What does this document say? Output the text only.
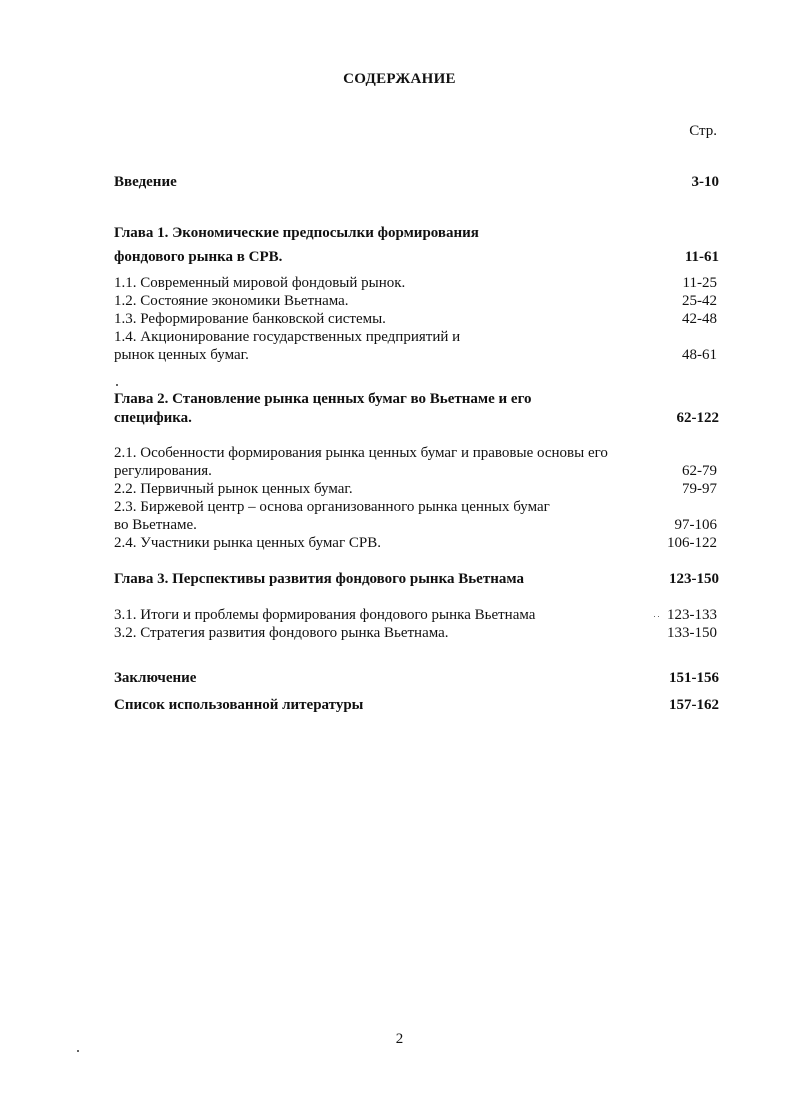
СОДЕРЖАНИЕ
Стр.
Введение	3-10
Глава 1. Экономические предпосылки формирования
фондового рынка в СРВ.	11-61
1.1. Современный мировой фондовый рынок.	11-25
1.2. Состояние экономики Вьетнама.	25-42
1.3. Реформирование банковской системы.	42-48
1.4. Акционирование государственных предприятий и
рынок ценных бумаг.	48-61
Глава 2. Становление рынка ценных бумаг во Вьетнаме и его
специфика.	62-122
2.1. Особенности формирования рынка ценных бумаг и правовые основы его
регулирования.	62-79
2.2. Первичный рынок ценных бумаг.	79-97
2.3. Биржевой центр – основа организованного рынка ценных бумаг
во Вьетнаме.	97-106
2.4. Участники рынка ценных бумаг СРВ.	106-122
Глава 3. Перспективы развития фондового рынка Вьетнама	123-150
3.1. Итоги и проблемы формирования фондового рынка Вьетнама	123-133
3.2. Стратегия развития фондового рынка Вьетнама.	133-150
Заключение	151-156
Список использованной литературы	157-162
2
